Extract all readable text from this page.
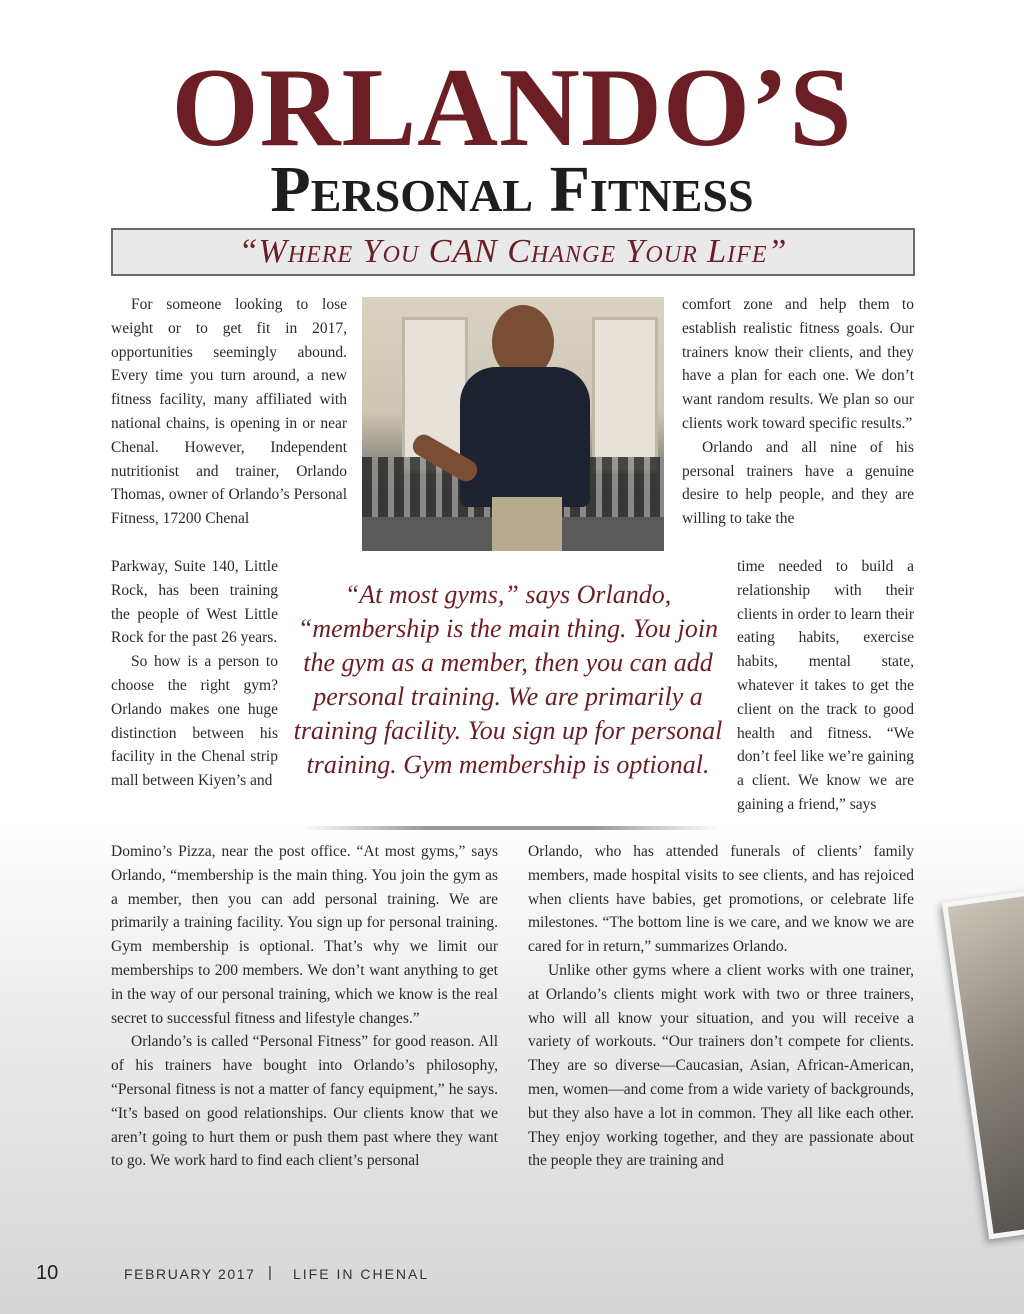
ORLANDO’S
Personal Fitness
“Where You CAN Change Your Life”

For someone looking to lose weight or to get fit in 2017, opportunities seemingly abound. Every time you turn around, a new fitness facility, many affiliated with national chains, is opening in or near Chenal. However, Independent nutritionist and trainer, Orlando Thomas, owner of Orlando’s Personal Fitness, 17200 Chenal

comfort zone and help them to establish realistic fitness goals. Our trainers know their clients, and they have a plan for each one. We don’t want random results. We plan so our clients work toward specific results.”

Orlando and all nine of his personal trainers have a genuine desire to help people, and they are willing to take the

Parkway, Suite 140, Little Rock, has been training the people of West Little Rock for the past 26 years.

So how is a person to choose the right gym? Orlando makes one huge distinction between his facility in the Chenal strip mall between Kiyen’s and

“At most gyms,” says Orlando, “membership is the main thing. You join the gym as a member, then you can add personal training. We are primarily a training facility. You sign up for personal training. Gym membership is optional.

time needed to build a relationship with their clients in order to learn their eating habits, exercise habits, mental state, whatever it takes to get the client on the track to good health and fitness. “We don’t feel like we’re gaining a client. We know we are gaining a friend,” says

Domino’s Pizza, near the post office. “At most gyms,” says Orlando, “membership is the main thing. You join the gym as a member, then you can add personal training. We are primarily a training facility. You sign up for personal training. Gym membership is optional. That’s why we limit our memberships to 200 members. We don’t want anything to get in the way of our personal training, which we know is the real secret to successful fitness and lifestyle changes.”

Orlando’s is called “Personal Fitness” for good reason. All of his trainers have bought into Orlando’s philosophy, “Personal fitness is not a matter of fancy equipment,” he says. “It’s based on good relationships. Our clients know that we aren’t going to hurt them or push them past where they want to go. We work hard to find each client’s personal

Orlando, who has attended funerals of clients’ family members, made hospital visits to see clients, and has rejoiced when clients have babies, get promotions, or celebrate life milestones. “The bottom line is we care, and we know we are cared for in return,” summarizes Orlando.

Unlike other gyms where a client works with one trainer, at Orlando’s clients might work with two or three trainers, who will all know your situation, and you will receive a variety of workouts. “Our trainers don’t compete for clients. They are so diverse—Caucasian, Asian, African-American, men, women—and come from a wide variety of backgrounds, but they also have a lot in common. They all like each other. They enjoy working together, and they are passionate about the people they are training and

10	FEBRUARY 2017 | LIFE IN CHENAL
